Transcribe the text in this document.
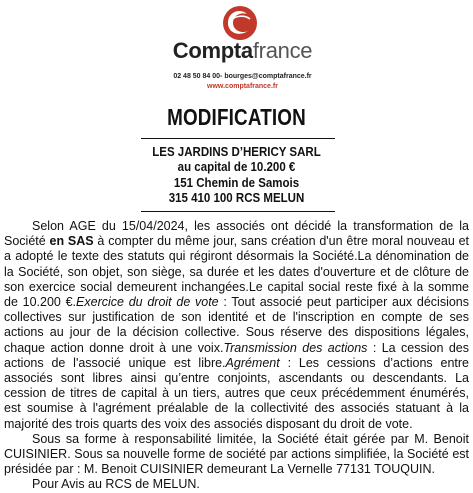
Comptafrance
02 48 50 84 00- bourges@comptafrance.fr
www.comptafrance.fr
MODIFICATION
LES JARDINS D’HERICY SARL
au capital de 10.200 €
151 Chemin de Samois
315 410 100 RCS MELUN

Selon AGE du 15/04/2024, les associés ont décidé la transformation de la Société en SAS à compter du même jour, sans création d'un être moral nouveau et a adopté le texte des statuts qui régiront désormais la Société.La dénomination de la Société, son objet, son siège, sa durée et les dates d'ouverture et de clôture de son exercice social demeurent inchangées.Le capital social reste fixé à la somme de 10.200 €.Exercice du droit de vote : Tout associé peut participer aux décisions collectives sur justification de son identité et de l'inscription en compte de ses actions au jour de la décision collective. Sous réserve des dispositions légales, chaque action donne droit à une voix.Transmission des actions : La cession des actions de l'associé unique est libre.Agrément : Les cessions d’actions entre associés sont libres ainsi qu’entre conjoints, ascendants ou descendants. La cession de titres de capital à un tiers, autres que ceux précédemment énumérés, est soumise à l'agrément préalable de la collectivité des associés statuant à la majorité des trois quarts des voix des associés disposant du droit de vote.

Sous sa forme à responsabilité limitée, la Société était gérée par M. Benoit CUISINIER. Sous sa nouvelle forme de société par actions simplifiée, la Société est présidée par : M. Benoit CUISINIER demeurant La Vernelle 77131 TOUQUIN.

Pour Avis au RCS de MELUN.
